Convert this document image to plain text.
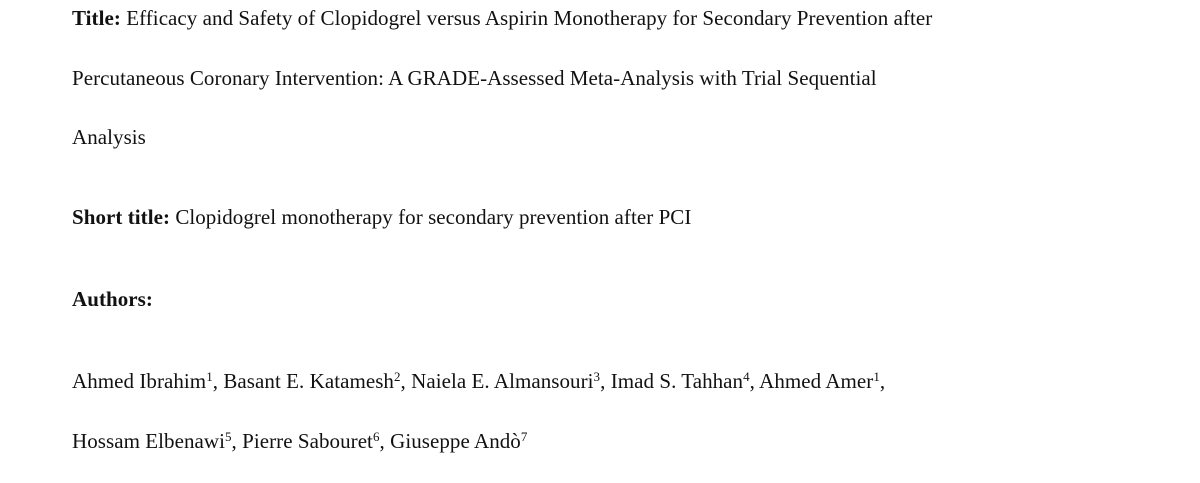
Title: Efficacy and Safety of Clopidogrel versus Aspirin Monotherapy for Secondary Prevention after
Percutaneous Coronary Intervention: A GRADE-Assessed Meta-Analysis with Trial Sequential
Analysis
Short title: Clopidogrel monotherapy for secondary prevention after PCI
Authors:
Ahmed Ibrahim$^1$, Basant E. Katamesh$^2$, Naiela E. Almansouri$^3$, Imad S. Tahhan$^4$, Ahmed Amer$^1$,
Hossam Elbenawi$^5$, Pierre Sabouret$^6$, Giuseppe Andò$^7$
